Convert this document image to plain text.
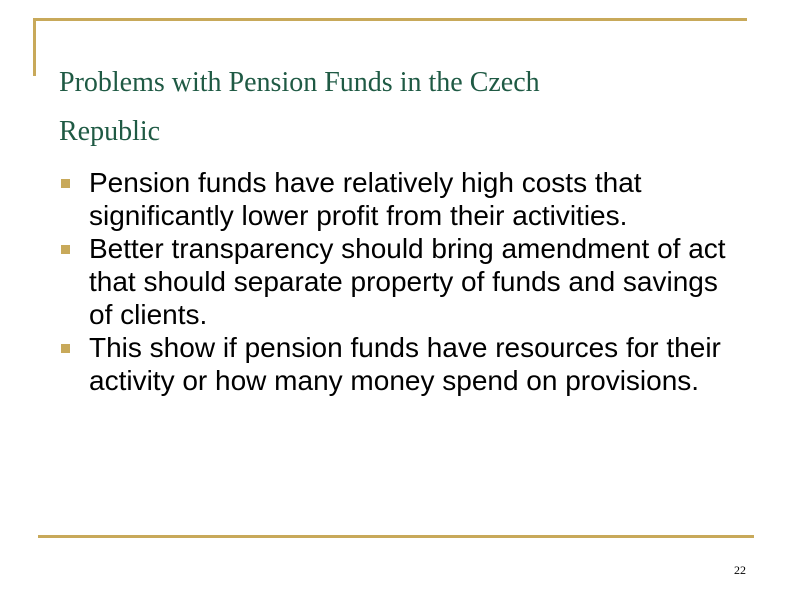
Problems with Pension Funds in the Czech
Republic
Pension funds have relatively high costs that significantly lower profit from their activities.
Better transparency should bring amendment of act that should separate property of funds and savings of clients.
This show if pension funds have resources for their activity or how many money spend on provisions.
22
